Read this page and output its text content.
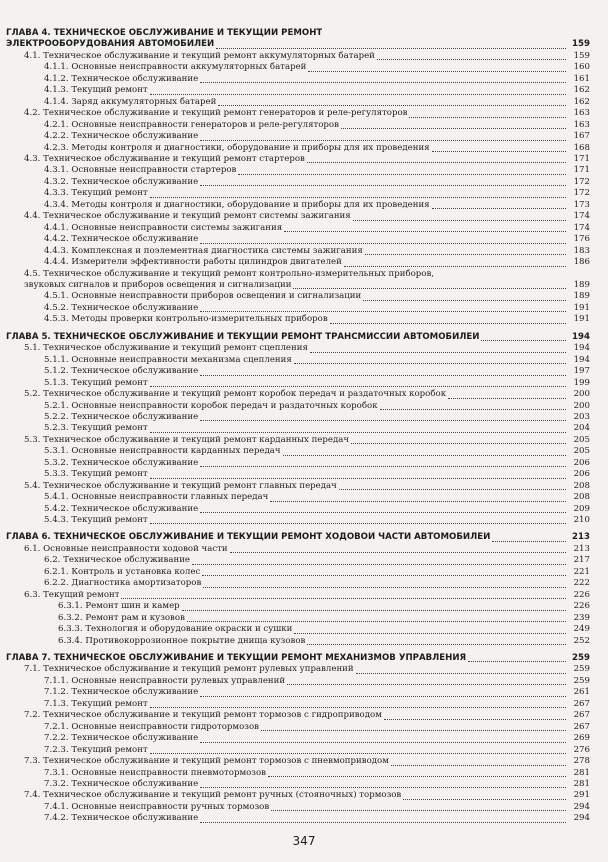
ГЛАВА 4. ТЕХНИЧЕСКОЕ ОБСЛУЖИВАНИЕ И ТЕКУЩИЙ РЕМОНТ
ЭЛЕКТРООБОРУДОВАНИЯ АВТОМОБИЛЕЙ	159
4.1. Техническое обслуживание и текущий ремонт аккумуляторных батарей	159
4.1.1. Основные неисправности аккумуляторных батарей	160
4.1.2. Техническое обслуживание	161
4.1.3. Текущий ремонт	162
4.1.4. Заряд аккумуляторных батарей	162
4.2. Техническое обслуживание и текущий ремонт генераторов и реле-регуляторов	163
4.2.1. Основные неисправности генераторов и реле-регуляторов	163
4.2.2. Техническое обслуживание	167
4.2.3. Методы контроля и диагностики, оборудование и приборы для их проведения	168
4.3. Техническое обслуживание и текущий ремонт стартеров	171
4.3.1. Основные неисправности стартеров	171
4.3.2. Техническое обслуживание	172
4.3.3. Текущий ремонт	172
4.3.4. Методы контроля и диагностики, оборудование и приборы для их проведения	173
4.4. Техническое обслуживание и текущий ремонт системы зажигания	174
4.4.1. Основные неисправности системы зажигания	174
4.4.2. Техническое обслуживание	176
4.4.3. Комплексная и поэлементная диагностика системы зажигания	183
4.4.4. Измерители эффективности работы цилиндров двигателей	186
4.5. Техническое обслуживание и текущий ремонт контрольно-измерительных приборов,
звуковых сигналов и приборов освещения и сигнализации	189
4.5.1. Основные неисправности приборов освещения и сигнализации	189
4.5.2. Техническое обслуживание	191
4.5.3. Методы проверки контрольно-измерительных приборов	191
ГЛАВА 5. ТЕХНИЧЕСКОЕ ОБСЛУЖИВАНИЕ И ТЕКУЩИЙ РЕМОНТ ТРАНСМИССИИ АВТОМОБИЛЕЙ	194
5.1. Техническое обслуживание и текущий ремонт сцепления	194
5.1.1. Основные неисправности механизма сцепления	194
5.1.2. Техническое обслуживание	197
5.1.3. Текущий ремонт	199
5.2. Техническое обслуживание и текущий ремонт коробок передач и раздаточных коробок	200
5.2.1. Основные неисправности коробок передач и раздаточных коробок	200
5.2.2. Техническое обслуживание	203
5.2.3. Текущий ремонт	204
5.3. Техническое обслуживание и текущий ремонт карданных передач	205
5.3.1. Основные неисправности карданных передач	205
5.3.2. Техническое обслуживание	206
5.3.3. Текущий ремонт	206
5.4. Техническое обслуживание и текущий ремонт главных передач	208
5.4.1. Основные неисправности главных передач	208
5.4.2. Техническое обслуживание	209
5.4.3. Текущий ремонт	210
ГЛАВА 6. ТЕХНИЧЕСКОЕ ОБСЛУЖИВАНИЕ И ТЕКУЩИЙ РЕМОНТ ХОДОВОЙ ЧАСТИ АВТОМОБИЛЕЙ	213
6.1. Основные неисправности ходовой части	213
6.2. Техническое обслуживание	217
6.2.1. Контроль и установка колес	221
6.2.2. Диагностика амортизаторов	222
6.3. Текущий ремонт	226
6.3.1. Ремонт шин и камер	226
6.3.2. Ремонт рам и кузовов	239
6.3.3. Технология и оборудование окраски и сушки	249
6.3.4. Противокоррозионное покрытие днища кузовов	252
ГЛАВА 7. ТЕХНИЧЕСКОЕ ОБСЛУЖИВАНИЕ И ТЕКУЩИЙ РЕМОНТ МЕХАНИЗМОВ УПРАВЛЕНИЯ	259
7.1. Техническое обслуживание и текущий ремонт рулевых управлений	259
7.1.1. Основные неисправности рулевых управлений	259
7.1.2. Техническое обслуживание	261
7.1.3. Текущий ремонт	267
7.2. Техническое обслуживание и текущий ремонт тормозов с гидроприводом	267
7.2.1. Основные неисправности гидротормозов	267
7.2.2. Техническое обслуживание	269
7.2.3. Текущий ремонт	276
7.3. Техническое обслуживание и текущий ремонт тормозов с пневмоприводом	278
7.3.1. Основные неисправности пневмотормозов	281
7.3.2. Техническое обслуживание	281
7.4. Техническое обслуживание и текущий ремонт ручных (стояночных) тормозов	291
7.4.1. Основные неисправности ручных тормозов	294
7.4.2. Техническое обслуживание	294
347
